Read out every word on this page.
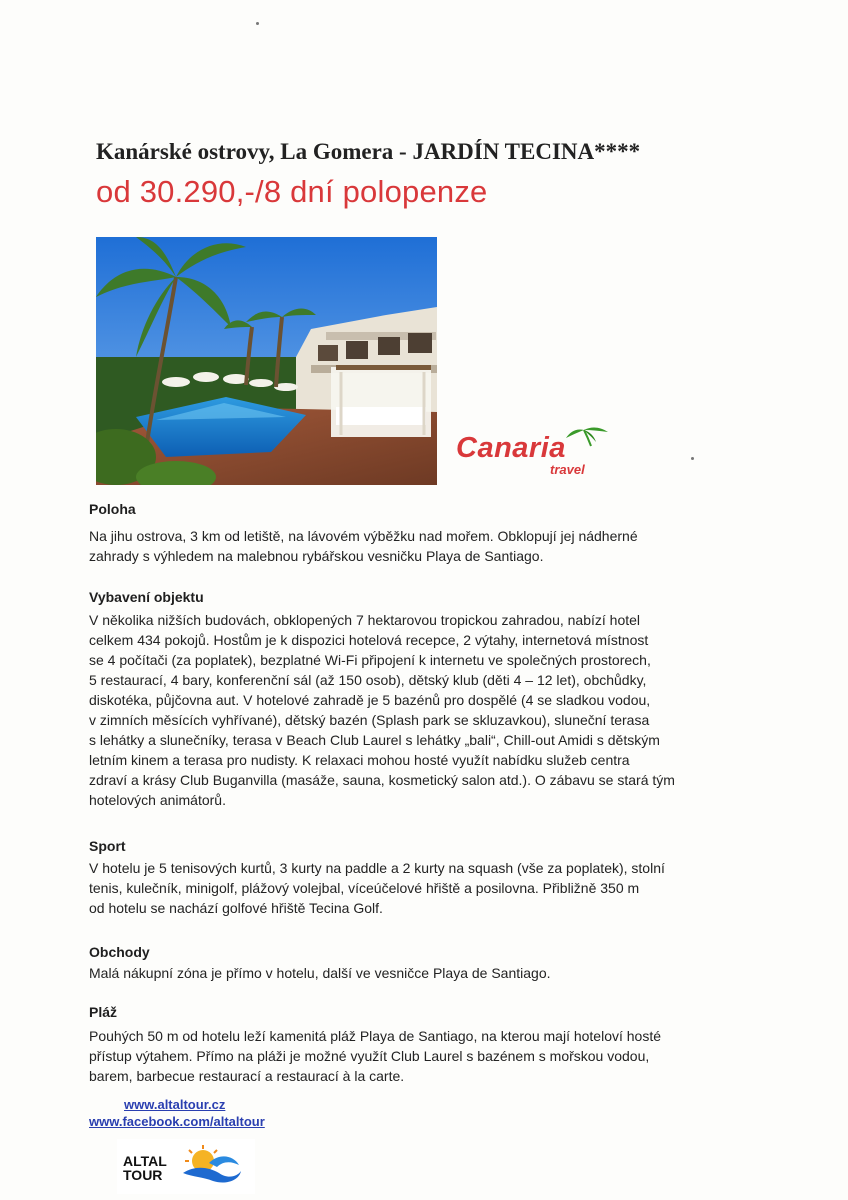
Kanárské ostrovy, La Gomera - JARDÍN TECINA****
od 30.290,-/8 dní polopenze
Canaria
travel
Poloha
Na jihu ostrova, 3 km od letiště, na lávovém výběžku nad mořem. Obklopují jej nádherné
zahrady s výhledem na malebnou rybářskou vesničku Playa de Santiago.
Vybavení objektu
V několika nižších budovách, obklopených 7 hektarovou tropickou zahradou, nabízí hotel
celkem 434 pokojů. Hostům je k dispozici hotelová recepce, 2 výtahy, internetová místnost
se 4 počítači (za poplatek), bezplatné Wi-Fi připojení k internetu ve společných prostorech,
5 restaurací, 4 bary, konferenční sál (až 150 osob), dětský klub (děti 4 – 12 let), obchůdky,
diskotéka, půjčovna aut. V hotelové zahradě je 5 bazénů pro dospělé (4 se sladkou vodou,
v zimních měsících vyhřívané), dětský bazén (Splash park se skluzavkou), sluneční terasa
s lehátky a slunečníky, terasa v Beach Club Laurel s lehátky „bali“, Chill-out Amidi s dětským
letním kinem a terasa pro nudisty. K relaxaci mohou hosté využít nabídku služeb centra
zdraví a krásy Club Buganvilla (masáže, sauna, kosmetický salon atd.). O zábavu se stará tým
hotelových animátorů.
Sport
V hotelu je 5 tenisových kurtů, 3 kurty na paddle a 2 kurty na squash (vše za poplatek), stolní
tenis, kulečník, minigolf, plážový volejbal, víceúčelové hřiště a posilovna. Přibližně 350 m
od hotelu se nachází golfové hřiště Tecina Golf.
Obchody
Malá nákupní zóna je přímo v hotelu, další ve vesničce Playa de Santiago.
Pláž
Pouhých 50 m od hotelu leží kamenitá pláž Playa de Santiago, na kterou mají hoteloví hosté
přístup výtahem. Přímo na pláži je možné využít Club Laurel s bazénem s mořskou vodou,
barem, barbecue restaurací a restaurací à la carte.
www.altaltour.cz
www.facebook.com/altaltour
ALTAL
TOUR
